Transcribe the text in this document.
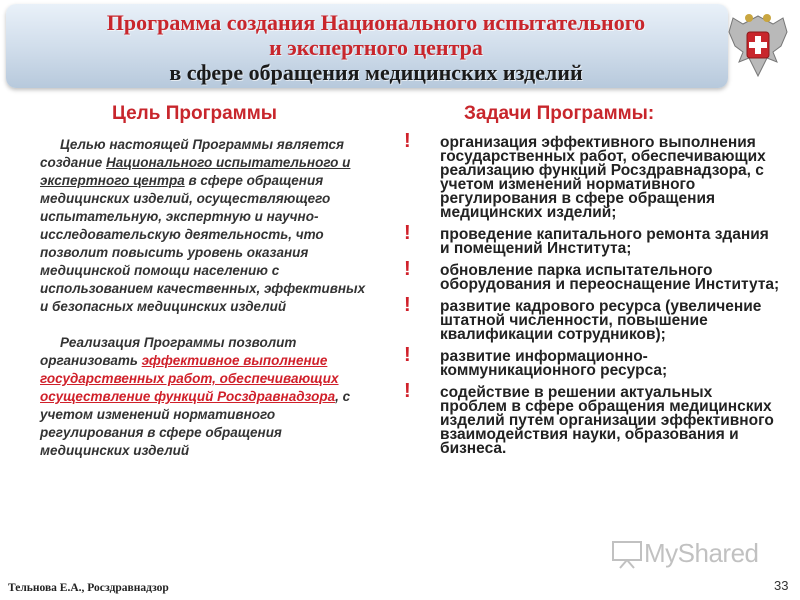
Программа создания Национального испытательного
и экспертного центра
в сфере обращения медицинских изделий
Цель Программы	Задачи Программы:

Целью настоящей Программы является создание Национального испытательного и экспертного центра в сфере обращения медицинских изделий, осуществляющего испытательную, экспертную и научно-исследовательскую деятельность, что позволит повысить уровень оказания медицинской помощи населению с использованием качественных, эффективных и безопасных медицинских изделий

Реализация Программы позволит организовать эффективное выполнение государственных работ, обеспечивающих осуществление функций Росздравнадзора, с учетом изменений нормативного регулирования в сфере обращения медицинских изделий

! организация эффективного выполнения государственных работ, обеспечивающих реализацию функций Росздравнадзора, с учетом изменений нормативного регулирования в сфере обращения медицинских изделий;
! проведение капитального ремонта здания и помещений Института;
! обновление парка испытательного оборудования и переоснащение Института;
! развитие кадрового ресурса (увеличение штатной численности, повышение квалификации сотрудников);
! развитие информационно-коммуникационного ресурса;
! содействие в решении актуальных проблем в сфере обращения медицинских изделий путем организации эффективного взаимодействия науки, образования и бизнеса.
MyShared
Тельнова Е.А., Росздравнадзор	33
